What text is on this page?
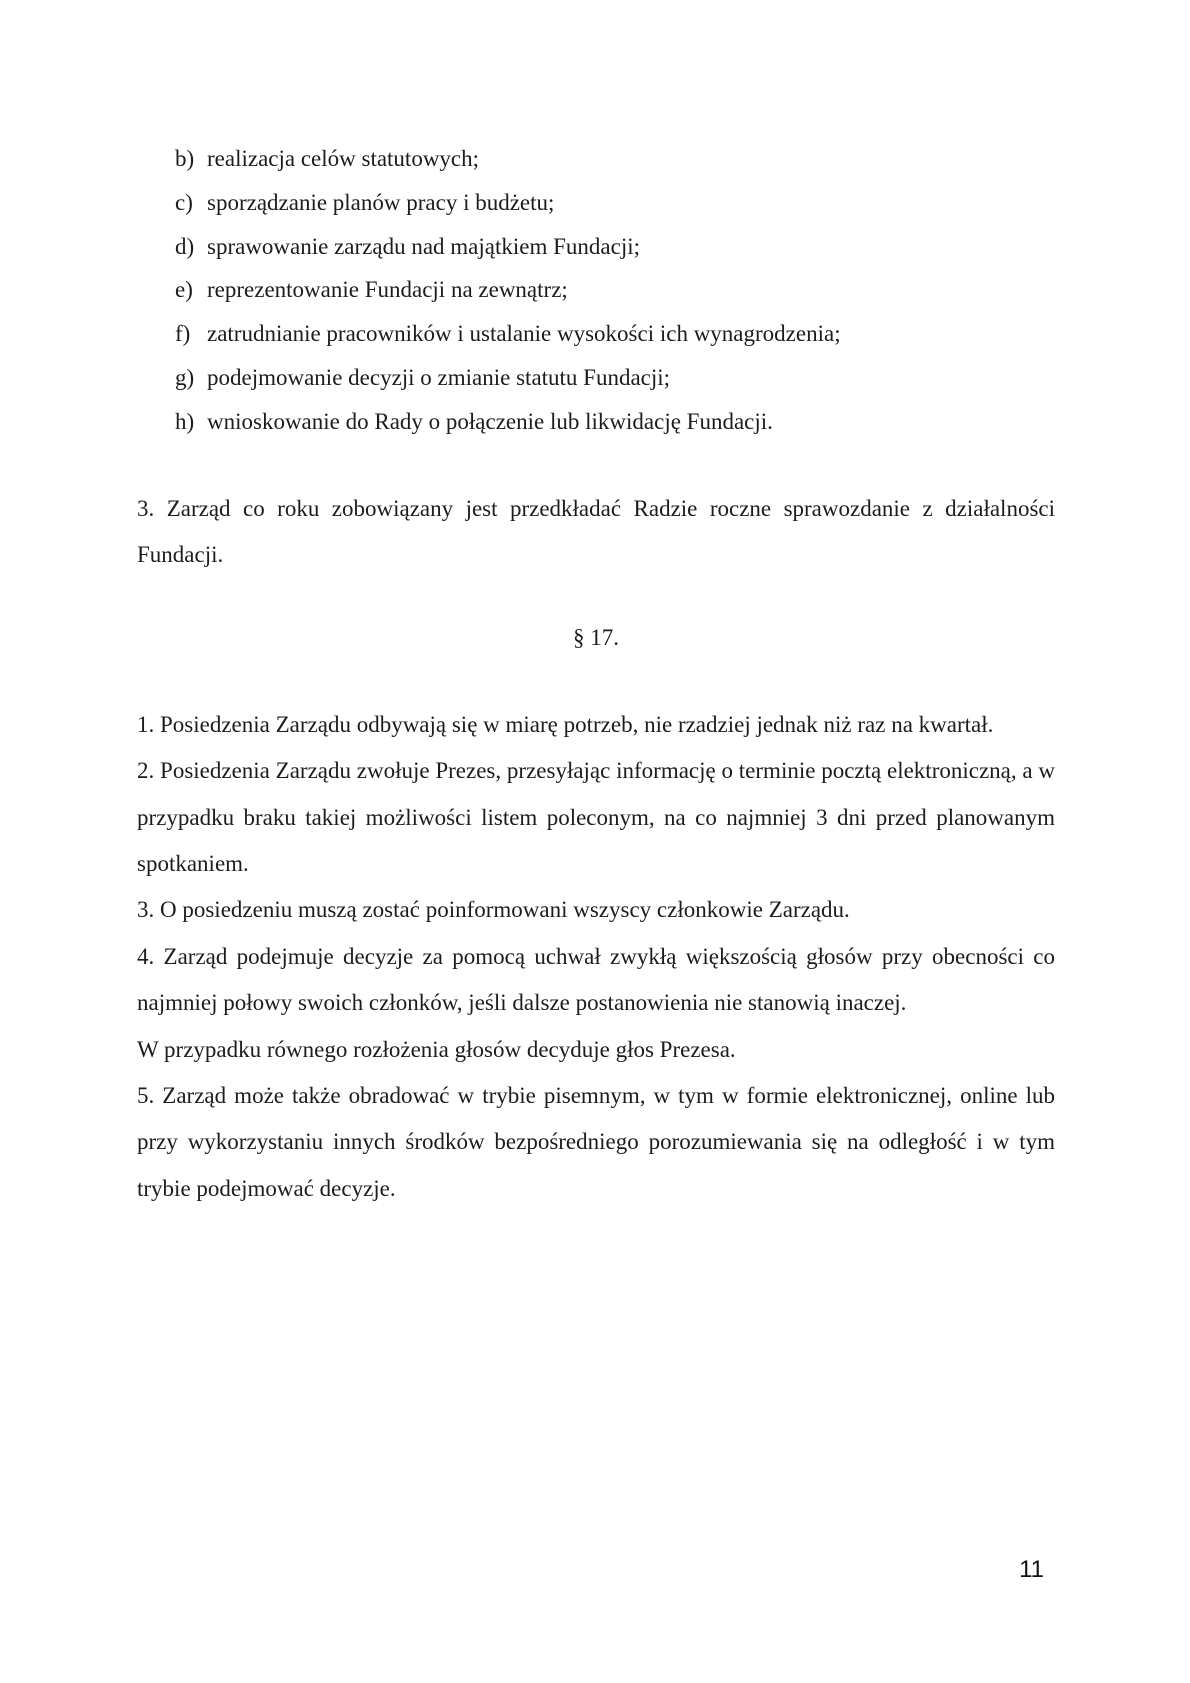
b) realizacja celów statutowych;
c) sporządzanie planów pracy i budżetu;
d) sprawowanie zarządu nad majątkiem Fundacji;
e) reprezentowanie Fundacji na zewnątrz;
f) zatrudnianie pracowników i ustalanie wysokości ich wynagrodzenia;
g) podejmowanie decyzji o zmianie statutu Fundacji;
h) wnioskowanie do Rady o połączenie lub likwidację Fundacji.

3. Zarząd co roku zobowiązany jest przedkładać Radzie roczne sprawozdanie z działalności Fundacji.

§ 17.

1. Posiedzenia Zarządu odbywają się w miarę potrzeb, nie rzadziej jednak niż raz na kwartał.

2. Posiedzenia Zarządu zwołuje Prezes, przesyłając informację o terminie pocztą elektroniczną, a w przypadku braku takiej możliwości listem poleconym, na co najmniej 3 dni przed planowanym spotkaniem.

3. O posiedzeniu muszą zostać poinformowani wszyscy członkowie Zarządu.

4. Zarząd podejmuje decyzje za pomocą uchwał zwykłą większością głosów przy obecności co najmniej połowy swoich członków, jeśli dalsze postanowienia nie stanowią inaczej.

W przypadku równego rozłożenia głosów decyduje głos Prezesa.

5. Zarząd może także obradować w trybie pisemnym, w tym w formie elektronicznej, online lub przy wykorzystaniu innych środków bezpośredniego porozumiewania się na odległość i w tym trybie podejmować decyzje.

11
